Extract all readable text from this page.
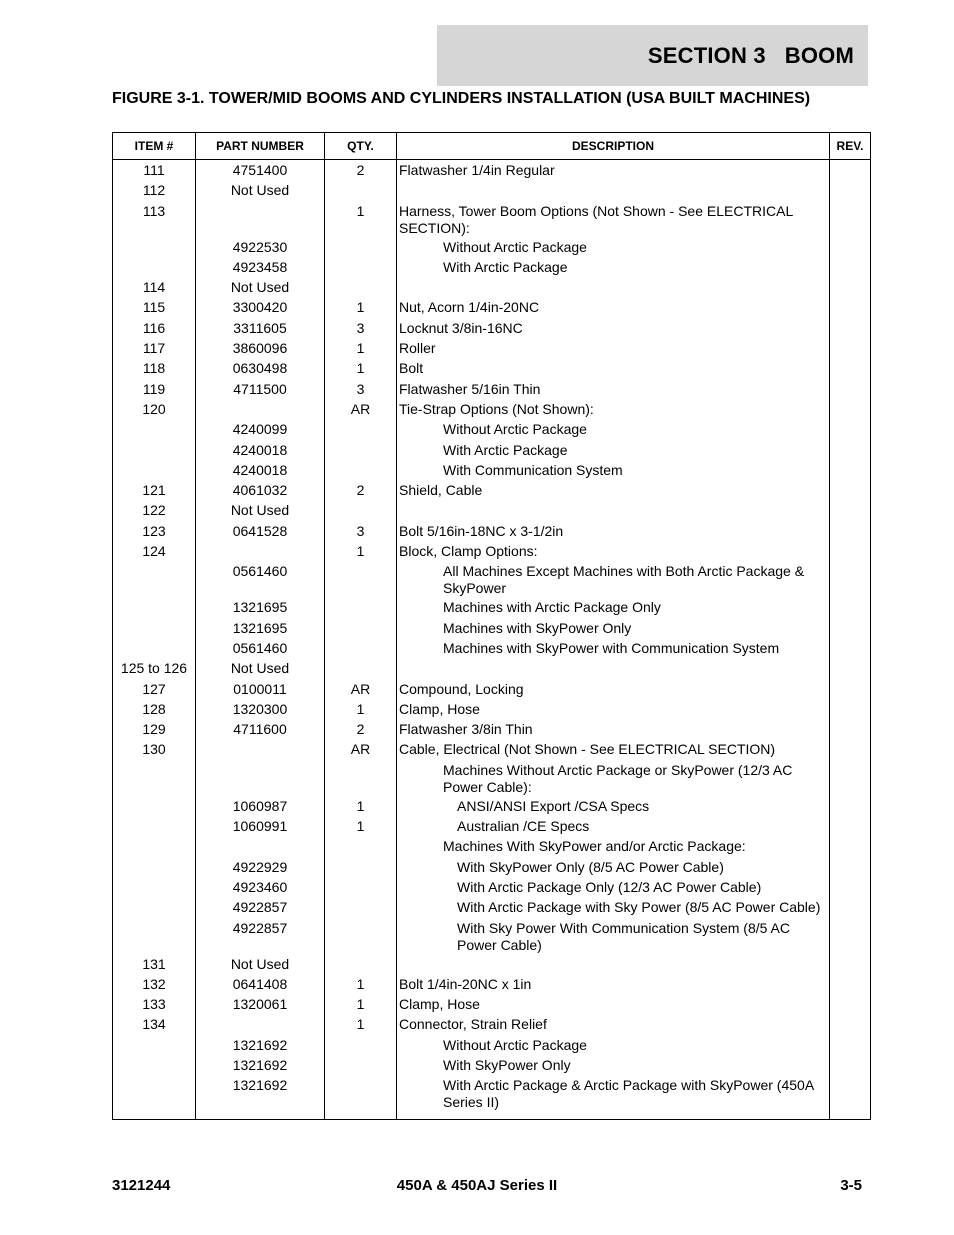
SECTION 3   BOOM
FIGURE 3-1. TOWER/MID BOOMS AND CYLINDERS INSTALLATION (USA BUILT MACHINES)
ITEM #	PART NUMBER	QTY.	DESCRIPTION	REV.
111	4751400	2	Flatwasher 1/4in Regular	
112	Not Used			
113		1	Harness, Tower Boom Options (Not Shown - See ELECTRICAL SECTION):	
	4922530		Without Arctic Package	
	4923458		With Arctic Package	
114	Not Used			
115	3300420	1	Nut, Acorn 1/4in-20NC	
116	3311605	3	Locknut 3/8in-16NC	
117	3860096	1	Roller	
118	0630498	1	Bolt	
119	4711500	3	Flatwasher 5/16in Thin	
120		AR	Tie-Strap Options (Not Shown):	
	4240099		Without Arctic Package	
	4240018		With Arctic Package	
	4240018		With Communication System	
121	4061032	2	Shield, Cable	
122	Not Used			
123	0641528	3	Bolt 5/16in-18NC x 3-1/2in	
124		1	Block, Clamp Options:	
	0561460		All Machines Except Machines with Both Arctic Package & SkyPower	
	1321695		Machines with Arctic Package Only	
	1321695		Machines with SkyPower Only	
	0561460		Machines with SkyPower with Communication System	
125 to 126	Not Used			
127	0100011	AR	Compound, Locking	
128	1320300	1	Clamp, Hose	
129	4711600	2	Flatwasher 3/8in Thin	
130		AR	Cable, Electrical (Not Shown - See ELECTRICAL SECTION)	
			Machines Without Arctic Package or SkyPower (12/3 AC Power Cable):	
	1060987	1	ANSI/ANSI Export /CSA Specs	
	1060991	1	Australian /CE Specs	
			Machines With SkyPower and/or Arctic Package:	
	4922929		With SkyPower Only (8/5 AC Power Cable)	
	4923460		With Arctic Package Only (12/3 AC Power Cable)	
	4922857		With Arctic Package with Sky Power (8/5 AC Power Cable)	
	4922857		With Sky Power With Communication System (8/5 AC Power Cable)	
131	Not Used			
132	0641408	1	Bolt 1/4in-20NC x 1in	
133	1320061	1	Clamp, Hose	
134		1	Connector, Strain Relief	
	1321692		Without Arctic Package	
	1321692		With SkyPower Only	
	1321692		With Arctic Package & Arctic Package with SkyPower (450A Series II)	
3121244	450A & 450AJ Series II	3-5
